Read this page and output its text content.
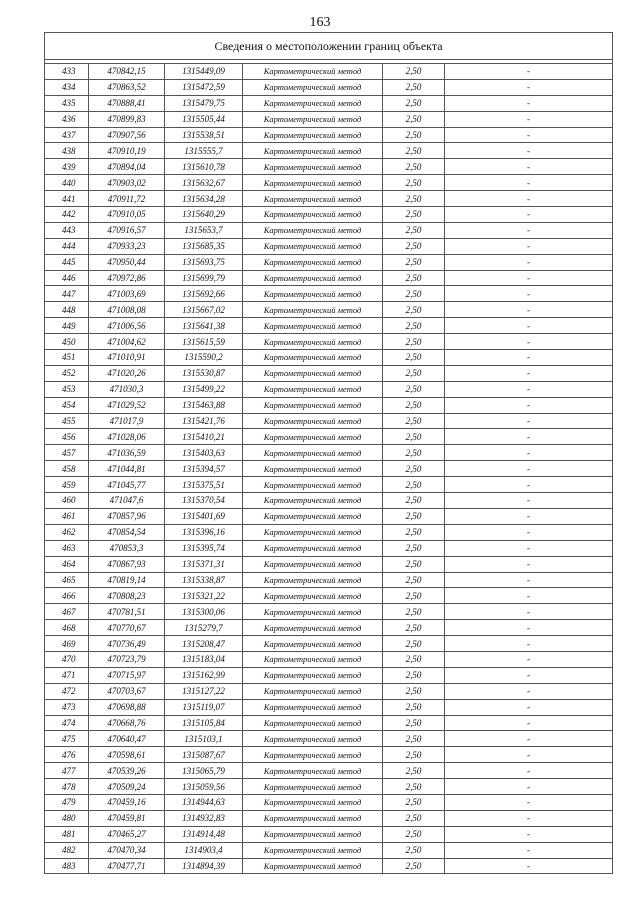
163
Сведения о местоположении границ объекта					

433	470842,15	1315449,09	Картометрический метод	2,50	-
434	470863,52	1315472,59	Картометрический метод	2,50	-
435	470888,41	1315479,75	Картометрический метод	2,50	-
436	470899,83	1315505,44	Картометрический метод	2,50	-
437	470907,56	1315538,51	Картометрический метод	2,50	-
438	470910,19	1315555,7	Картометрический метод	2,50	-
439	470894,04	1315610,78	Картометрический метод	2,50	-
440	470903,02	1315632,67	Картометрический метод	2,50	-
441	470911,72	1315634,28	Картометрический метод	2,50	-
442	470910,05	1315640,29	Картометрический метод	2,50	-
443	470916,57	1315653,7	Картометрический метод	2,50	-
444	470933,23	1315685,35	Картометрический метод	2,50	-
445	470950,44	1315693,75	Картометрический метод	2,50	-
446	470972,86	1315699,79	Картометрический метод	2,50	-
447	471003,69	1315692,66	Картометрический метод	2,50	-
448	471008,08	1315667,02	Картометрический метод	2,50	-
449	471006,56	1315641,38	Картометрический метод	2,50	-
450	471004,62	1315615,59	Картометрический метод	2,50	-
451	471010,91	1315590,2	Картометрический метод	2,50	-
452	471020,26	1315530,87	Картометрический метод	2,50	-
453	471030,3	1315499,22	Картометрический метод	2,50	-
454	471029,52	1315463,88	Картометрический метод	2,50	-
455	471017,9	1315421,76	Картометрический метод	2,50	-
456	471028,06	1315410,21	Картометрический метод	2,50	-
457	471036,59	1315403,63	Картометрический метод	2,50	-
458	471044,81	1315394,57	Картометрический метод	2,50	-
459	471045,77	1315375,51	Картометрический метод	2,50	-
460	471047,6	1315370,54	Картометрический метод	2,50	-
461	470857,96	1315401,69	Картометрический метод	2,50	-
462	470854,54	1315396,16	Картометрический метод	2,50	-
463	470853,3	1315395,74	Картометрический метод	2,50	-
464	470867,93	1315371,31	Картометрический метод	2,50	-
465	470819,14	1315338,87	Картометрический метод	2,50	-
466	470808,23	1315321,22	Картометрический метод	2,50	-
467	470781,51	1315300,06	Картометрический метод	2,50	-
468	470770,67	1315279,7	Картометрический метод	2,50	-
469	470736,49	1315208,47	Картометрический метод	2,50	-
470	470723,79	1315183,04	Картометрический метод	2,50	-
471	470715,97	1315162,99	Картометрический метод	2,50	-
472	470703,67	1315127,22	Картометрический метод	2,50	-
473	470698,88	1315119,07	Картометрический метод	2,50	-
474	470668,76	1315105,84	Картометрический метод	2,50	-
475	470640,47	1315103,1	Картометрический метод	2,50	-
476	470598,61	1315087,67	Картометрический метод	2,50	-
477	470539,26	1315065,79	Картометрический метод	2,50	-
478	470509,24	1315059,56	Картометрический метод	2,50	-
479	470459,16	1314944,63	Картометрический метод	2,50	-
480	470459,81	1314932,83	Картометрический метод	2,50	-
481	470465,27	1314914,48	Картометрический метод	2,50	-
482	470470,34	1314903,4	Картометрический метод	2,50	-
483	470477,71	1314894,39	Картометрический метод	2,50	-
